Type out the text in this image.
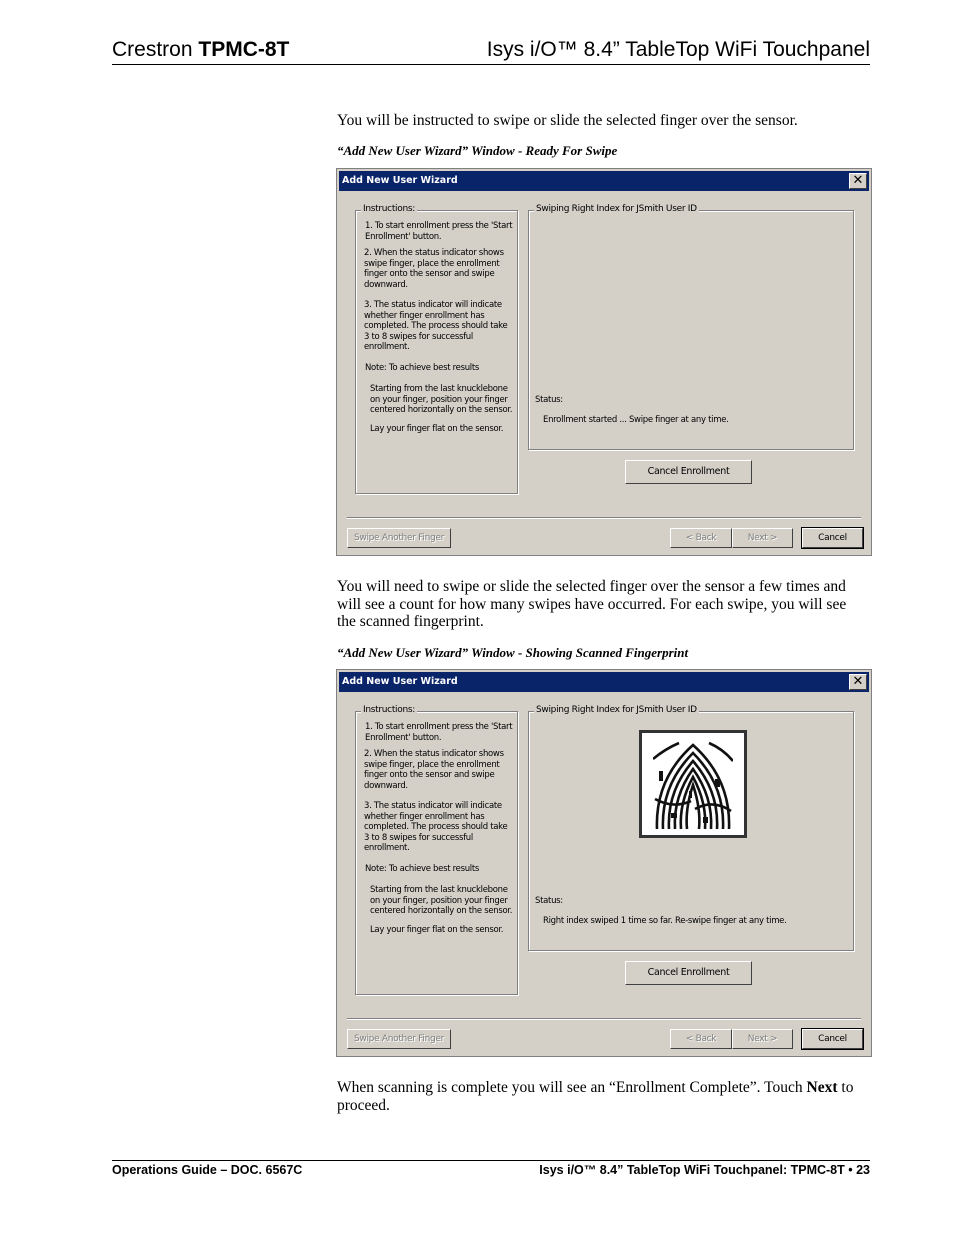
Crestron TPMC-8T	Isys i/O™ 8.4” TableTop WiFi Touchpanel
You will be instructed to swipe or slide the selected finger over the sensor.
“Add New User Wizard” Window - Ready For Swipe
Add New User Wizard	✕
Instructions:
1. To start enrollment press the 'Start Enrollment' button.
2. When the status indicator shows swipe finger, place the enrollment finger onto the sensor and swipe downward.
3. The status indicator will indicate whether finger enrollment has completed. The process should take 3 to 8 swipes for successful enrollment.
Note: To achieve best results
Starting from the last knucklebone on your finger, position your finger centered horizontally on the sensor.
Lay your finger flat on the sensor.
Swiping Right Index for JSmith User ID
Status:
Enrollment started ... Swipe finger at any time.
Cancel Enrollment
Swipe Another Finger	< Back	Next >	Cancel
You will need to swipe or slide the selected finger over the sensor a few times and will see a count for how many swipes have occurred. For each swipe, you will see the scanned fingerprint.
“Add New User Wizard” Window - Showing Scanned Fingerprint
Add New User Wizard	✕
Instructions:
1. To start enrollment press the 'Start Enrollment' button.
2. When the status indicator shows swipe finger, place the enrollment finger onto the sensor and swipe downward.
3. The status indicator will indicate whether finger enrollment has completed. The process should take 3 to 8 swipes for successful enrollment.
Note: To achieve best results
Starting from the last knucklebone on your finger, position your finger centered horizontally on the sensor.
Lay your finger flat on the sensor.
Swiping Right Index for JSmith User ID
Status:
Right index swiped 1 time so far. Re-swipe finger at any time.
Cancel Enrollment
Swipe Another Finger	< Back	Next >	Cancel
When scanning is complete you will see an “Enrollment Complete”. Touch Next to proceed.
Operations Guide – DOC. 6567C	Isys i/O™ 8.4” TableTop WiFi Touchpanel: TPMC-8T • 23
